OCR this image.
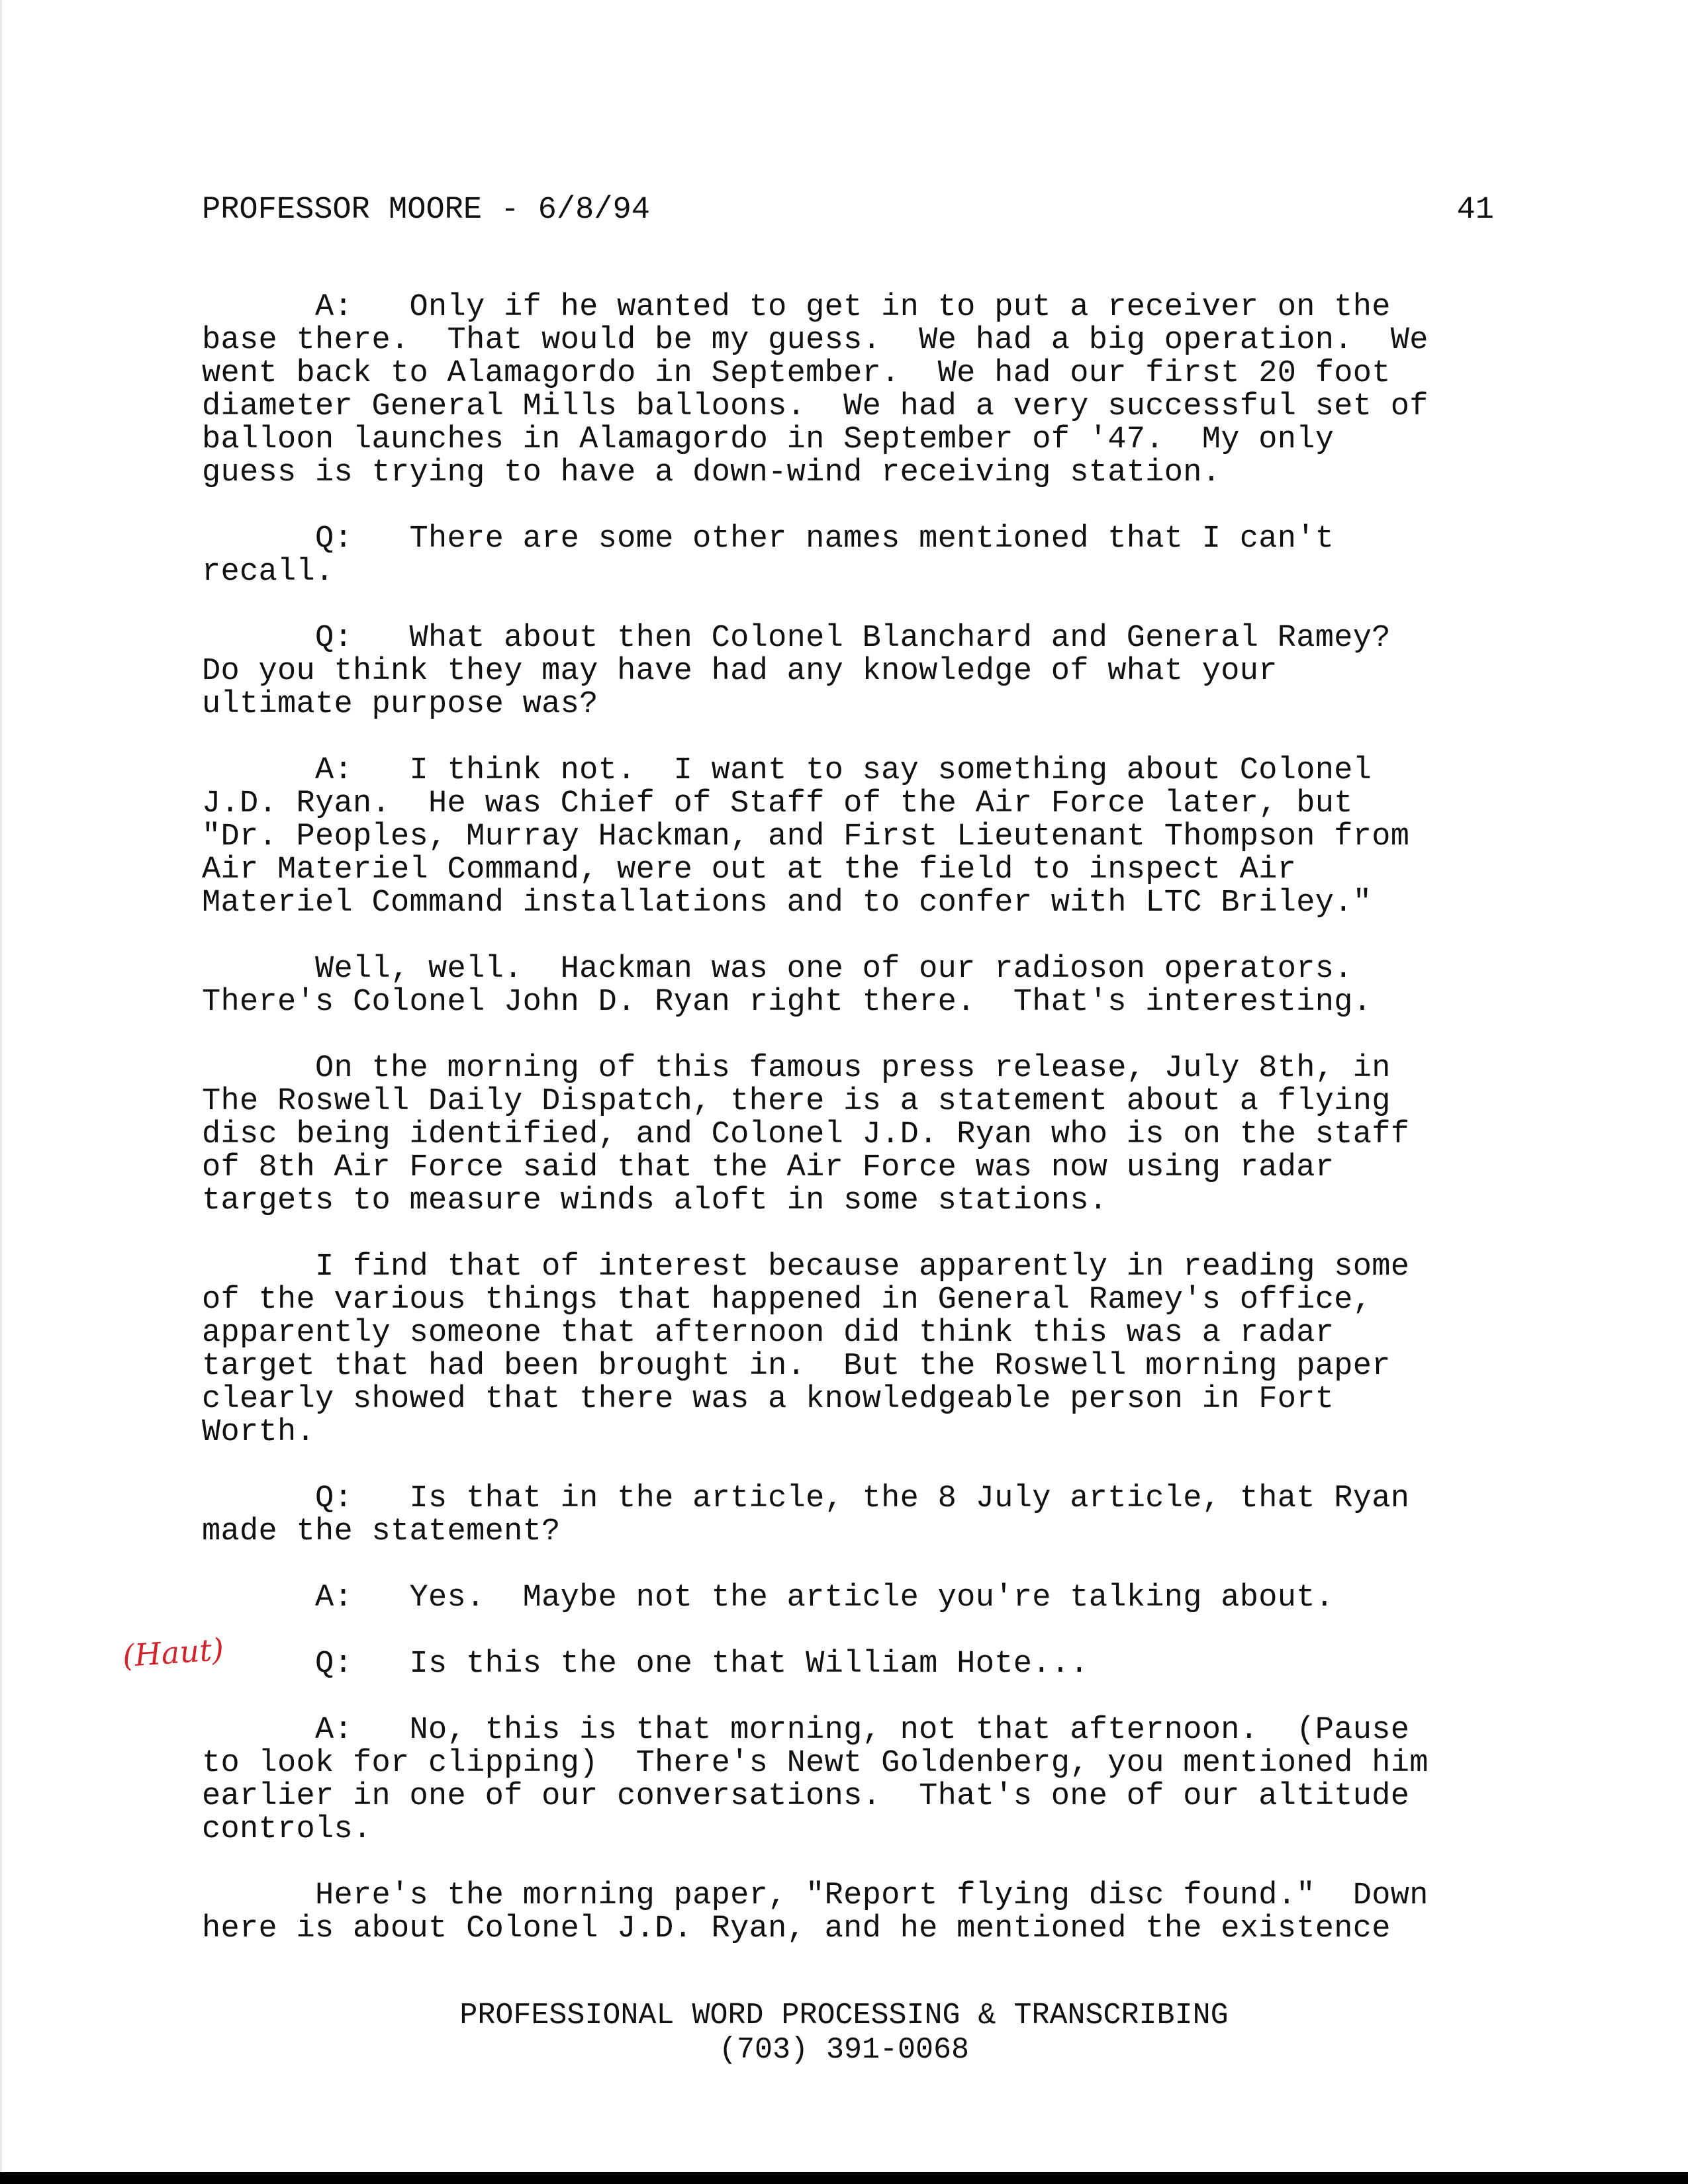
PROFESSOR MOORE - 6/8/94	41
A:   Only if he wanted to get in to put a receiver on the
base there.  That would be my guess.  We had a big operation.  We
went back to Alamagordo in September.  We had our first 20 foot
diameter General Mills balloons.  We had a very successful set of
balloon launches in Alamagordo in September of '47.  My only
guess is trying to have a down-wind receiving station.
Q:   There are some other names mentioned that I can't
recall.
Q:   What about then Colonel Blanchard and General Ramey?
Do you think they may have had any knowledge of what your
ultimate purpose was?
A:   I think not.  I want to say something about Colonel
J.D. Ryan.  He was Chief of Staff of the Air Force later, but
"Dr. Peoples, Murray Hackman, and First Lieutenant Thompson from
Air Materiel Command, were out at the field to inspect Air
Materiel Command installations and to confer with LTC Briley."
Well, well.  Hackman was one of our radioson operators.
There's Colonel John D. Ryan right there.  That's interesting.
On the morning of this famous press release, July 8th, in
The Roswell Daily Dispatch, there is a statement about a flying
disc being identified, and Colonel J.D. Ryan who is on the staff
of 8th Air Force said that the Air Force was now using radar
targets to measure winds aloft in some stations.
I find that of interest because apparently in reading some
of the various things that happened in General Ramey's office,
apparently someone that afternoon did think this was a radar
target that had been brought in.  But the Roswell morning paper
clearly showed that there was a knowledgeable person in Fort
Worth.
Q:   Is that in the article, the 8 July article, that Ryan
made the statement?
A:   Yes.  Maybe not the article you're talking about.
(Haut)
Q:   Is this the one that William Hote...
A:   No, this is that morning, not that afternoon.  (Pause
to look for clipping)  There's Newt Goldenberg, you mentioned him
earlier in one of our conversations.  That's one of our altitude
controls.
Here's the morning paper, "Report flying disc found."  Down
here is about Colonel J.D. Ryan, and he mentioned the existence
PROFESSIONAL WORD PROCESSING & TRANSCRIBING
(703) 391-0068
